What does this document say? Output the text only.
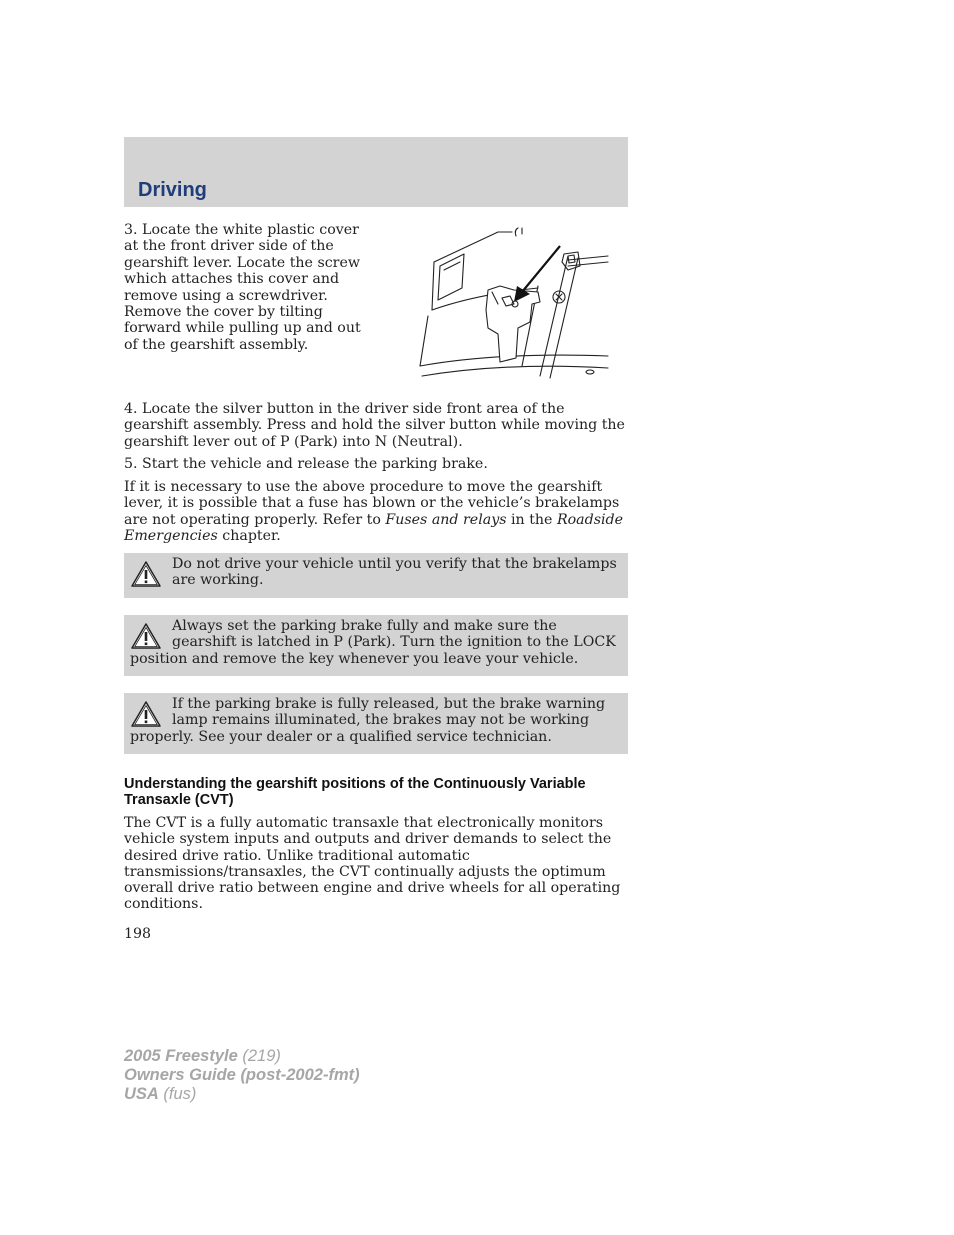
Driving

3. Locate the white plastic cover at the front driver side of the gearshift lever. Locate the screw which attaches this cover and remove using a screwdriver. Remove the cover by tilting forward while pulling up and out of the gearshift assembly.

4. Locate the silver button in the driver side front area of the gearshift assembly. Press and hold the silver button while moving the gearshift lever out of P (Park) into N (Neutral).

5. Start the vehicle and release the parking brake.

If it is necessary to use the above procedure to move the gearshift lever, it is possible that a fuse has blown or the vehicle’s brakelamps are not operating properly. Refer to Fuses and relays in the Roadside Emergencies chapter.

Do not drive your vehicle until you verify that the brakelamps are working.

Always set the parking brake fully and make sure the gearshift is latched in P (Park). Turn the ignition to the LOCK position and remove the key whenever you leave your vehicle.

If the parking brake is fully released, but the brake warning lamp remains illuminated, the brakes may not be working properly. See your dealer or a qualified service technician.

Understanding the gearshift positions of the Continuously Variable Transaxle (CVT)

The CVT is a fully automatic transaxle that electronically monitors vehicle system inputs and outputs and driver demands to select the desired drive ratio. Unlike traditional automatic transmissions/transaxles, the CVT continually adjusts the optimum overall drive ratio between engine and drive wheels for all operating conditions.

198

2005 Freestyle (219)
Owners Guide (post-2002-fmt)
USA (fus)
